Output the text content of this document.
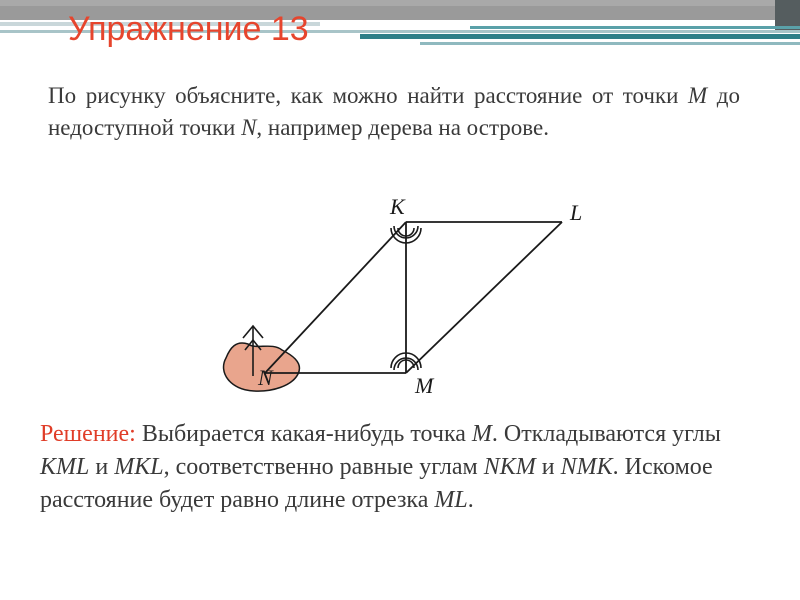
Упражнение 13
По рисунку объясните, как можно найти расстояние от точки M до недоступной точки N, например дерева на острове.
K	L
M
N
Решение: Выбирается какая-нибудь точка M. Откладываются углы KML и MKL, соответственно равные углам NKM и NMK. Искомое расстояние будет равно длине отрезка ML.
